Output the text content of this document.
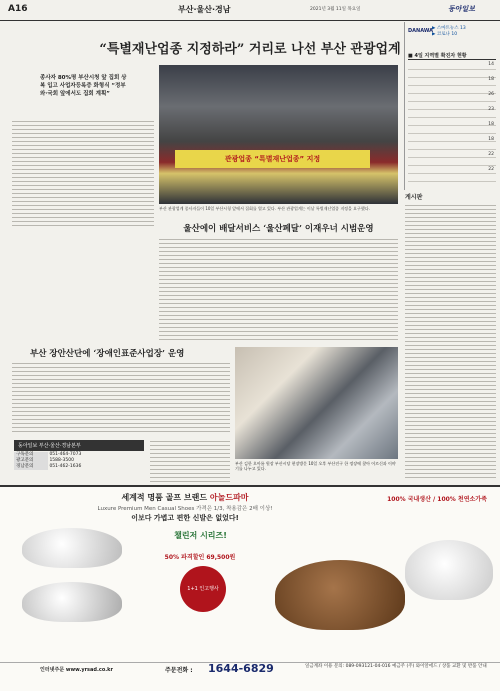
A16	부산·울산·경남	2021년 3월 11일 목요일	동아일보
“특별재난업종 지정하라” 거리로 나선 부산 관광업계
종사자 80%명 부산시청 앞 집회 상복 입고 사업자등록증 화형식 “정부와·국회 앞에서도 집회 계획”
관광업종 “특별재난업종” 지정
부산 관광업계 종사자들이 10일 부산시청 앞에서 집회를 열고 있다. 부산 관광업계는 이날 특별재난업종 지정을 요구했다.
DANAWA
▶ 스마트뉴스 13
▶ 코로나 10
■ 4일 지역별 확진자 현황
14
18
26
23
18
18
22
22
게시판
울산에이 배달서비스 ‘울산페달’ 이재우너 시범운영
부산 장안산단에 ‘장애인표준사업장’ 운영
부산 김한 오아름 원장 부산시당 현장방문 10일 오후 부산진구 한 정장에 찾아 어르신과 이야기를 나누고 있다.
동아일보 부산·울산·경남본부
구독문의	051-464-7073
광고문의	1588-3500
경남문의	051-462-1636
세계적 명품 골프 브랜드 아놀드파마
Luxure Premium Men Casual Shoes 가격은 1/3, 착용감은 2배 이상!
이보다 가볍고 편한 신발은 없었다!
100% 국내생산 / 100% 천연소가죽
챌린저 시리즈!
50% 파격할인 69,500원
1+1 인고행사
인터넷주문 www.yrsad.co.kr	주문전화 : 1644-6829	일금계좌 이용 문의: 089-093121-04-016 예금주 (주) 와이알에드 / 상품 교환 및 반품 안내
